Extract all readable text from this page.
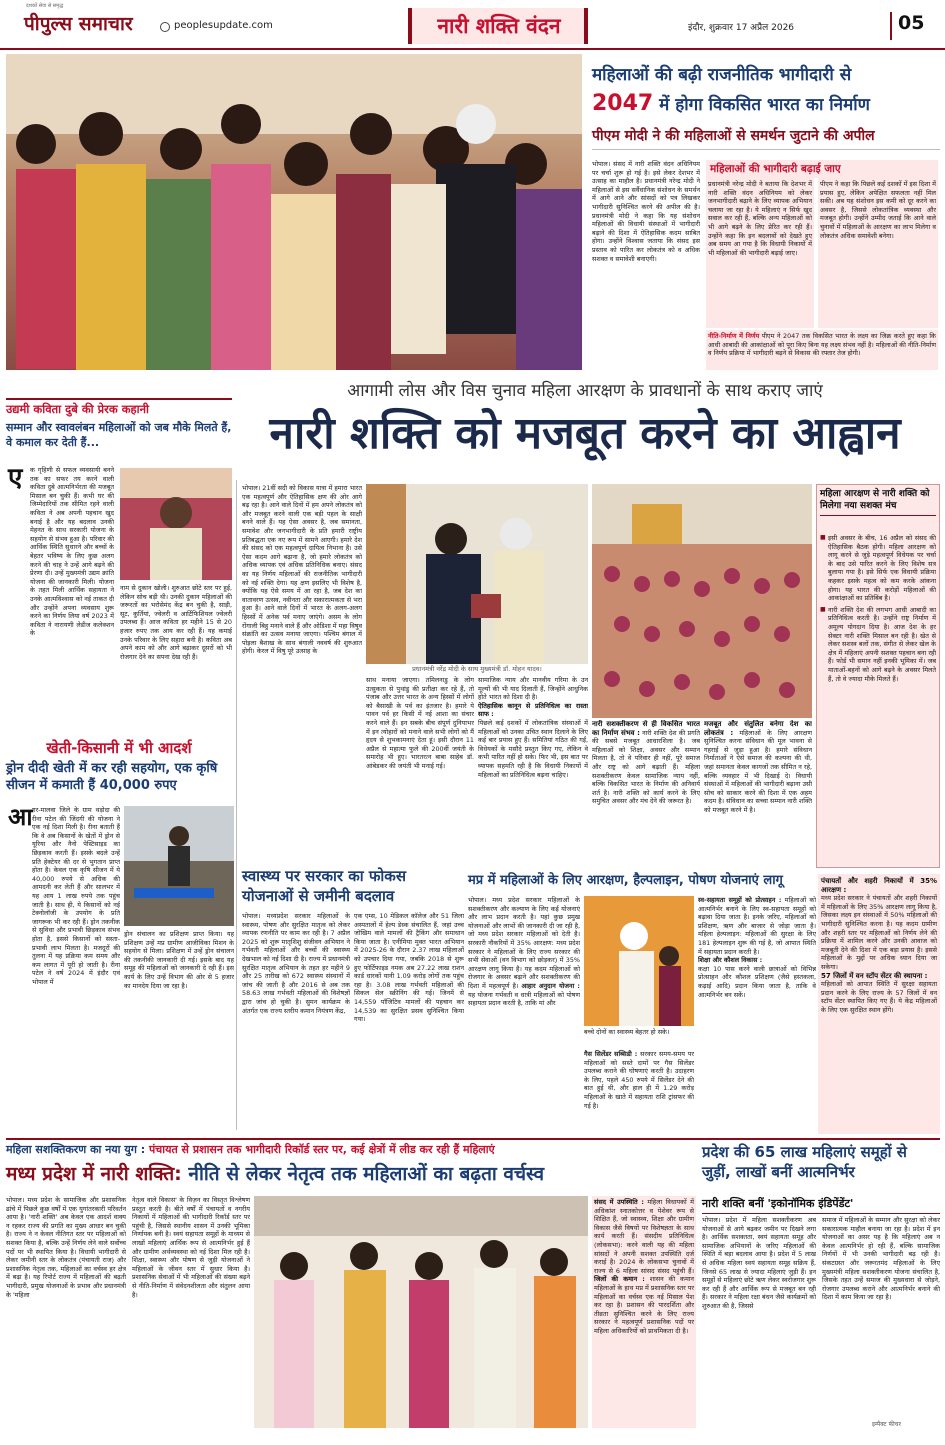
दशकों सेवा से समृद्ध
पीपुल्स समाचार	peoplesupdate.com	नारी शक्ति वंदन	इंदौर, शुक्रवार 17 अप्रैल 2026	05
महिलाओं की बढ़ी राजनीतिक भागीदारी से
2047 में होगा विकसित भारत का निर्माण
पीएम मोदी ने की महिलाओं से समर्थन जुटाने की अपील
भोपाल। संसद में नारी शक्ति वंदन अधिनियम पर चर्चा शुरू हो गई है। इसे लेकर देशभर में उत्साह का माहौल है। प्रधानमंत्री नरेन्द्र मोदी ने महिलाओं से इस सर्वैधानिक संशोधन के समर्थन में आगे आने और सांसदों को पत्र लिखकर भागीदारी सुनिश्चित करने की अपील की है। प्रधानमंत्री मोदी ने कहा कि यह संशोधन महिलाओं की विधायी संस्थाओं में भागीदारी बढ़ाने की दिशा में ऐतिहासिक कदम साबित होगा। उन्होंने विश्वास जताया कि संसद इस प्रस्ताव को पारित कर लोकतंत्र को व अधिक सशक्त व समावेशी बनाएगी।
महिलाओं की भागीदारी बढ़ाई जाए
प्रधानमंत्री नरेन्द्र मोदी ने बताया कि देशभर में नारी शक्ति वंदन अधिनियम को लेकर जनभागीदारी बढ़ाने के लिए व्यापक अभियान चलाया जा रहा है। ये महिलाएं न सिर्फ खुद सवाल कर रही हैं, बल्कि अन्य महिलाओं को भी आगे बढ़ने के लिए प्रेरित कर रही हैं। उन्होंने कहा कि इन बदलावों को देखते हुए अब समय आ गया है कि विधायी निकायों में भी महिलाओं की भागीदारी बढ़ाई जाए।
पीएम ने कहा कि पिछले कई दशकों में इस दिशा में प्रयास हुए, लेकिन अपेक्षित सफलता नहीं मिल सकी। अब यह संशोधन इस कमी को दूर करने का अवसर है, जिससे लोकतांत्रिक व्यवस्था और मजबूत होगी। उन्होंने उम्मीद जताई कि आने वाले चुनावों में महिलाओं के आरक्षण का लाभ मिलेगा व लोकतंत्र अधिक समावेशी बनेगा।
नीति-निर्माण में निर्णय पीएम ने 2047 तक विकसित भारत के लक्ष्य का जिक्र करते हुए कहा कि आधी आबादी की आकांक्षाओं को पूरा किए बिना यह लक्ष्य संभव नहीं है। महिलाओं की नीति-निर्माण व निर्णय प्रक्रिया में भागीदारी बढ़ने से विकास की रफ्तार तेज होगी।
आगामी लोस और विस चुनाव महिला आरक्षण के प्रावधानों के साथ कराए जाएं
नारी शक्ति को मजबूत करने का आह्वान
उद्यमी कविता दुबे की प्रेरक कहानी
सम्मान और स्वावलंबन महिलाओं को जब मौके मिलते हैं, वे कमाल कर देती हैं...
ए क गृहिणी से सफल व्यवसायी बनने तक का सफर तय करने वाली कविता दुबे आत्मनिर्भरता की मजबूत मिसाल बन चुकी हैं। कभी घर की जिम्मेदारियों तक सीमित रहने वाली कविता ने अब अपनी पहचान खुद बनाई है और यह बदलाव उनकी मेहनत के साथ सरकारी योजना के सहयोग से संभव हुआ है। परिवार की आर्थिक स्थिति सुधारने और बच्चों के बेहतर भविष्य के लिए कुछ अलग करने की चाह ने उन्हें आगे बढ़ने की प्रेरणा दी। उन्हें मुख्यमंत्री उद्यम क्रांति योजना की जानकारी मिली। योजना के तहत मिली आर्थिक सहायता ने उनके आत्मविश्वास को नई ताकत दी और उन्होंने अपना व्यवसाय शुरू करने का निर्णय लिया वर्ष 2023 में कविता ने नारायणी लेडीज कलेक्शन के
नाम से दुकान खोली। शुरुआत छोटे स्तर पर हुई, लेकिन सोच बड़ी थी। उनकी दुकान महिलाओं की जरूरतों का भरोसेमंद केंद्र बन चुकी है, साड़ी, सूट, कुर्तियां, ज्वेलरी व आर्टिफिशियल ज्वेलरी उपलब्ध हैं। आज कविता हर महीने 15 से 20 हजार रुपए तक आय कर रही हैं। यह कमाई उनके परिवार के लिए सहारा बनी है। कविता अब अपने काम को और आगे बढ़ाकर दूसरों को भी रोजगार देने का सपना देख रही हैं।
खेती-किसानी में भी आदर्श
ड्रोन दीदी खेती में कर रही सहयोग, एक कृषि सीजन में कमाती हैं 40,000 रुपए
आ गर-मालवा जिले के ग्राम थड़ोदा की रीना पटेल की जिंदगी की योजना ने एक नई दिशा मिली है। रीना बताती हैं कि वे अब किसानों के खेतों में ड्रोन से यूरिया और नैनो पेस्टिसाइड का छिड़काव करती हैं। इसके बदले उन्हें प्रति हेक्टेयर की दर से भुगतान प्राप्त होता है। केवल एक कृषि सीजन में ये 40,000 रुपये से अधिक की आमदनी कर लेती हैं और सालभर में यह आय 1 लाख रुपये तक पहुंच जाती है। साथ ही, ये किसानों को नई टेक्नोलॉजी के उपयोग के प्रति जागरूक भी कर रही हैं। ड्रोन तकनीक से सुविधा और प्रभावी छिड़काव संभव होता है, इससे किसानों को सस्ता-प्रभावी लाभ मिलता है। मजदूरों की तुलना में यह प्रक्रिया कम समय और कम लागत में पूरी हो जाती है। रीना पटेल ने वर्ष 2024 में इंदौर एवं भोपाल में
ड्रोन संचालन का प्रशिक्षण प्राप्त किया। यह प्रशिक्षण उन्हें मप्र ग्रामीण आजीविका मिशन के सहयोग से मिला। प्रशिक्षण में उन्हें ड्रोन संचालन की तकनीकी जानकारी दी गई। इसके बाद यह समूह की महिलाओं को जानकारी दे रही हैं। इस कार्य के लिए उन्हें विभाग की ओर से 5 हजार का मानदेय दिया जा रहा है।
भोपाल। 21वीं सदी को विकास यात्रा में हमारा भारत एक महत्वपूर्ण और ऐतिहासिक क्षण की ओर आगे बढ़ रहा है। आने वाले दिनों में हम अपने लोकतंत्र को और मजबूत करने वाली एक बड़ी पहल के साक्षी बनने वाले हैं। यह ऐसा अवसर है, जब समानता, समावेश और जनभागीदारी के प्रति हमारी राष्ट्रीय प्रतिबद्धता एक नए रूप में सामने आएगी। हमारे देश की संसद को एक महत्वपूर्ण दायित्व निभाना है। उसे ऐसा कदम आगे बढ़ाना है, जो हमारे लोकतंत्र को अधिक व्यापक एवं अधिक प्रतिनिधिक बनाए। संसद का यह निर्णय महिलाओं की राजनीतिक भागीदारी को नई शक्ति देगा। यह क्षण इसलिए भी विशेष है, क्योंकि यह ऐसे समय में आ रहा है, जब देश का वातावरण उत्सव, नवीनता और सकारात्मकता से भरा हुआ है। आने वाले दिनों में भारत के अलग-अलग हिस्सों में अनेक पर्व मनाए जाएंगे। असम के लोग रोंगाली बिहु मनाने वाले हैं और ओडिशा में महा विषुव संक्रांति का उत्सव मनाया जाएगा। पश्चिम बंगाल में पोइला बैशाख के साथ बंगाली नववर्ष की शुरुआत होगी। केरल में विषु पूरे उत्साह के
प्रधानमंत्री नरेंद्र मोदी के साथ मुख्यमंत्री डॉ. मोहन यादव।
साथ मनाया जाएगा। तमिलनाडु के लोग उत्सुकता से पुथांडु की प्रतीक्षा कर रहे हैं, तो पंजाब और उत्तर भारत के अन्य हिस्सों में लोगों को बैसाखी के पर्व का इंतजार है। हमारे ये पावन पर्व हर किसी में नई आशा का संचार करने वाले हैं। इन सबके बीच संपूर्ण दुनियाभर में इन त्योहारों को मनाने वाले सभी लोगों को मैं हृदय से शुभकामनाएं देता हूं। इसी दौरान 11 अप्रैल से महात्मा फुले की 200वीं जयंती के समारोह भी हुए। भारतरत्न बाबा साहेब डॉ. आंबेडकर की जयंती भी मनाई गई।
सामाजिक न्याय और मानवीय गरिमा के उन मूल्यों की भी याद दिलाती हैं, जिन्होंने आधुनिक होते भारत को दिशा दी है।
ऐतिहासिक कानून से प्रतिनिधित्व का रास्ता साफ :
पिछले कई दशकों में लोकतांत्रिक संस्थाओं में महिलाओं को उनका उचित स्थान दिलाने के लिए कई बार प्रयास हुए हैं। समितियां गठित की गईं, विधेयकों के मसौदे प्रस्तुत किए गए, लेकिन वे कभी पारित नहीं हो सके। फिर भी, इस बात पर व्यापक सहमति रही है कि विधायी निकायों में महिलाओं का प्रतिनिधित्व बढ़ना चाहिए।
नारी सशक्तीकरण से ही विकसित भारत का निर्माण संभव : नारी शक्ति देश की प्रगति की सबसे मजबूत आधारशिला है। जब महिलाओं को शिक्षा, अवसर और सम्मान मिलता है, तो वे परिवार ही नहीं, पूरे समाज और राष्ट्र को आगे बढ़ाती हैं। महिला सशक्तीकरण केवल सामाजिक न्याय नहीं, बल्कि विकसित भारत के निर्माण की अनिवार्य शर्त है। नारी शक्ति को कार्य करने के लिए समुचित अवसर और मंच देने की जरूरत है।
मजबूत और संतुलित बनेगा देश का लोकतंत्र : महिलाओं के लिए आरक्षण सुनिश्चित करना संविधान की मूल भावना से गहराई से जुड़ा हुआ है। हमारे संविधान निर्माताओं ने ऐसे समाज की कल्पना की थी, जहां समानता केवल कागजों तक सीमित न रहे, बल्कि व्यवहार में भी दिखाई दे। विधायी संस्थाओं में महिलाओं की भागीदारी बढ़ाना उसी सोच को साकार करने की दिशा में एक अहम कदम है। संविधान का सच्चा सम्मान नारी शक्ति को मजबूत करने में है।
महिला आरक्षण से नारी शक्ति को मिलेगा नया सशक्त मंच
■ इसी अवसर के बीच, 16 अप्रैल को संसद की ऐतिहासिक बैठक होगी। महिला आरक्षण को लागू करने से जुड़े महत्वपूर्ण विधेयक पर चर्चा के बाद उसे पारित करने के लिए विशेष सत्र बुलाया गया है। इसे सिर्फ एक विधायी प्रक्रिया कहकर इसके महत्व को कम करके आंकना होगा। यह भारत की करोड़ों महिलाओं की आकांक्षाओं का प्रतिबिंब है।
■ नारी शक्ति देश की लगभग आधी आबादी का प्रतिनिधित्व करती है। उन्होंने राष्ट्र निर्माण में अमूल्य योगदान दिया है। आज देश के हर सेक्टर नारी शक्ति मिसाल बन रही है। खेत से लेकर सशस्त्र बलों तक, संगीत से लेकर खेल के क्षेत्र में महिलाएं अपनी सशक्त पहचान बना रही हैं। फोर्ड भी समान नहीं इनकी भूमिका में। जब माताओं-बहनों को आगे बढ़ने के अवसर मिलते हैं, तो वे ज्यादा मौके मिलते हैं।
स्वास्थ्य पर सरकार का फोकस योजनाओं से जमीनी बदलाव
भोपाल। मध्यप्रदेश सरकार महिलाओं के स्वास्थ्य, पोषण और सुरक्षित मातृत्व को लेकर व्यापक रणनीति पर काम कर रही है। 7 अप्रैल 2025 को शुरू मातृशिशु संजीवन अभियान ने गर्भवती महिलाओं और बच्चों की स्वास्थ्य देखभाल को नई दिशा दी है। राज्य में प्रधानमंत्री सुरक्षित मातृत्व अभियान के तहत हर महीने 9 और 25 तारीख को 672 स्वास्थ्य संस्थानों में जांच की जाती है और 2016 से अब तक 58.63 लाख गर्भवती महिलाओं की विशेषज्ञों द्वारा जांच हो चुकी है। सुमन कार्यक्रम के अंतर्गत एक राज्य स्तरीय कमान नियंत्रण केंद्र,
एक एम्स, 10 मेडिकल कॉलेज और 51 जिला अस्पतालों में हेल्प डेस्क संचालित हैं, जहां उच्च जोखिम वाले मामलों की ट्रैकिंग और समाधान किया जाता है। एनीमिया मुक्त भारत अभियान में 2025-26 के दौरान 2.37 लाख महिलाओं को उपचार दिया गया, जबकि 2018 से शुरू हुए फोर्टिफाइड नमक अब 27.22 लाख राशन कार्ड धारकों यानी 1.09 करोड़ लोगों तक पहुंच रहा है। 3.08 लाख गर्भवती महिलाओं की सिकल सेल स्क्रीनिंग की गई। जिनमें से 14,559 पॉजिटिव मामलों की पहचान कर 14,539 का सुरक्षित प्रसव सुनिश्चित किया गया।
मप्र में महिलाओं के लिए आरक्षण, हैल्पलाइन, पोषण योजनाएं लागू
भोपाल। मध्य प्रदेश सरकार महिलाओं के सशक्तीकरण और कल्याण के लिए कई योजनाएं और लाभ प्रदान करती है। यहां कुछ प्रमुख योजनाओं और लाभों की जानकारी दी जा रही है, जो मध्य प्रदेश सरकार महिलाओं को देती है। सरकारी नौकरियों में 35% आरक्षण: मध्य प्रदेश सरकार ने महिलाओं के लिए राज्य सरकार की सभी सेवाओं (वन विभाग को छोड़कर) में 35% आरक्षण लागू किया है। यह कदम महिलाओं को रोजगार के अवसर बढ़ाने और सशक्तीकरण की दिशा में महत्वपूर्ण है। आहार अनुदान योजना : यह योजना गर्भवती व धात्री महिलाओं को पोषण सहायता प्रदान करती है, ताकि मां और
बच्चे दोनों का स्वास्थ्य बेहतर हो सके।
गैस सिलेंडर सब्सिडी : सरकार समय-समय पर महिलाओं को सस्ते दामों पर गैस सिलेंडर उपलब्ध कराने की घोषणाएं करती है। उदाहरण के लिए, पहले 450 रुपये में सिलेंडर देने की बात हुई थी, और हाल ही में 1.29 करोड़ महिलाओं के खाते में सहायता राशि ट्रांसफर की गई है।
स्व-सहायता समूहों को प्रोत्साहन : महिलाओं को आत्मनिर्भर बनाने के लिए स्व-सहायता समूहों को बढ़ावा दिया जाता है। इनके जरिए, महिलाओं को प्रशिक्षण, ऋण और बाजार से जोड़ा जाता है। महिला हेल्पलाइन: महिलाओं की सुरक्षा के लिए 181 हेल्पलाइन शुरू की गई है, जो आपात स्थिति में सहायता प्रदान करती है।
शिक्षा और कौशल विकास :
कक्षा 10 पास करने वाली छात्राओं को विभिन्न प्रोत्साहन और कौशल प्रशिक्षण (जैसे हस्तकला, कढ़ाई आदि) प्रदान किया जाता है, ताकि वे आत्मनिर्भर बन सकें।
पंचायतों और शहरी निकायों में 35% आरक्षण :
मध्य प्रदेश सरकार ने पंचायतों और शहरी निकायों में महिलाओं के लिए 35% आरक्षण लागू किया है, जिसका लक्ष्य इन संस्थाओं में 50% महिलाओं की भागीदारी सुनिश्चित करना है। यह कदम ग्रामीण और शहरी स्तर पर महिलाओं को निर्णय लेने की प्रक्रिया में शामिल करने और उनकी आवाज को मजबूती देने की दिशा में एक बड़ा प्रयास है। इससे महिलाओं के मुद्दों पर अधिक ध्यान दिया जा सकेगा।
57 जिलों में वन स्टॉप सेंटर की स्थापना :
महिलाओं को आपात स्थिति में सुरक्षा सहायता प्रदान करने के लिए राज्य के 57 जिलों में वन स्टॉप सेंटर स्थापित किए गए हैं। ये केंद्र महिलाओं के लिए एक सुरक्षित स्थान होंगे।
महिला सशक्तिकरण का नया युग : पंचायत से प्रशासन तक भागीदारी रिकॉर्ड स्तर पर, कई क्षेत्रों में लीड कर रही हैं महिलाएं
मध्य प्रदेश में नारी शक्ति: नीति से लेकर नेतृत्व तक महिलाओं का बढ़ता वर्चस्व
भोपाल। मध्य प्रदेश के सामाजिक और प्रशासनिक ढांचे में पिछले कुछ वर्षों में एक युगांतरकारी परिवर्तन आया है। 'नारी शक्ति' अब केवल एक आदर्श वाक्य न रहकर राज्य की प्रगति का मुख्य आधार बन चुकी है। राज्य ने न केवल नीतिगत स्तर पर महिलाओं को सशक्त किया है, बल्कि उन्हें निर्णय लेने वाले सर्वोच्च पदों पर भी स्थापित किया है। विधायी भागीदारी से लेकर जमीनी स्तर के लोकतंत्र (पंचायती राज) और प्रशासनिक नेतृत्व तक, महिलाओं का वर्चस्व हर क्षेत्र में बढ़ा है। यह रिपोर्ट राज्य में महिलाओं की बढ़ती भागीदारी, प्रमुख योजनाओं के प्रभाव और प्रधानमंत्री के 'महिला
नेतृत्व वाले विकास' के विज़न का विस्तृत विश्लेषण प्रस्तुत करती है। बीते वर्षों में पंचायतों व नगरीय निकायों में महिलाओं की भागीदारी रिकॉर्ड स्तर पर पहुंची है, जिससे स्थानीय शासन में उनकी भूमिका निर्णायक बनी है। स्वयं सहायता समूहों के माध्यम से लाखों महिलाएं आर्थिक रूप से आत्मनिर्भर हुई हैं और ग्रामीण अर्थव्यवस्था को नई दिशा मिल रही है। शिक्षा, स्वास्थ्य और पोषण से जुड़ी योजनाओं ने महिलाओं के जीवन स्तर में सुधार किया है। प्रशासनिक सेवाओं में भी महिलाओं की संख्या बढ़ने से नीति-निर्माण में संवेदनशीलता और संतुलन आया है।
संसद में उपस्थिति : महिला विधायकों में अधिकांश स्नातकोत्तर व पेशेवर रूप से शिक्षित हैं, जो स्वास्थ्य, शिक्षा और ग्रामीण विकास जैसे विषयों पर विशेषज्ञता के साथ कार्य करती हैं। संसदीय प्रतिनिधित्व (लोकसभा): करने वाली यह की महिला सांसदों ने अपनी सशक्त उपस्थिति दर्ज कराई है। 2024 के लोकसभा चुनावों में राज्य से 6 महिला सांसद संसद पहुंची हैं। जिलों की कमान : शासन की कमान महिलाओं के हाथ मप्र में प्रशासनिक स्तर पर महिलाओं का वर्चस्व एक नई मिसाल पेश कर रहा है। प्रशासन की पारदर्शिता और तीव्रता सुनिश्चित करने के लिए राज्य सरकार ने महत्वपूर्ण प्रशासनिक पदों पर महिला अधिकारियों को प्राथमिकता दी है।
प्रदेश की 65 लाख महिलाएं समूहों से जुड़ीं, लाखों बनीं आत्मनिर्भर
नारी शक्ति बनीं 'इकोनॉमिक इंडिपेंडेंट'
भोपाल। प्रदेश में महिला सशक्तीकरण अब योजनाओं से आगे बढ़कर जमीन पर दिखने लगा है। आर्थिक सशक्तता, स्वयं सहायता समूह और सामाजिक अभियानों के जरिए महिलाओं की स्थिति में बड़ा बदलाव आया है। प्रदेश में 5 लाख से अधिक महिला स्वयं सहायता समूह सक्रिय हैं, जिनसे 65 लाख से ज्यादा महिलाएं जुड़ी हैं। इन समूहों से महिलाएं छोटे ऋण लेकर स्वरोजगार शुरू कर रही हैं और आर्थिक रूप से मजबूत बन रही हैं। सरकार ने महिला रक्षा बंधन जैसे कार्यक्रमों को शुरुआत की है, जिससे
समाज में महिलाओं के सम्मान और सुरक्षा को लेकर सकारात्मक माहौल बनाया जा रहा है। प्रदेश में इन योजनाओं का असर यह है कि महिलाएं अब न केवल आत्मनिर्भर हो रही हैं, बल्कि सामाजिक निर्णयों में भी उनकी भागीदारी बढ़ रही है। संकटग्रस्त और जरूरतमंद महिलाओं के लिए मुख्यमंत्री महिला सशक्तीकरण योजना संचालित है, जिसके तहत उन्हें समाज की मुख्यधारा से जोड़ने, रोजगार उपलब्ध कराने और आत्मनिर्भर बनाने की दिशा में काम किया जा रहा है।
इम्पैक्ट फीचर
